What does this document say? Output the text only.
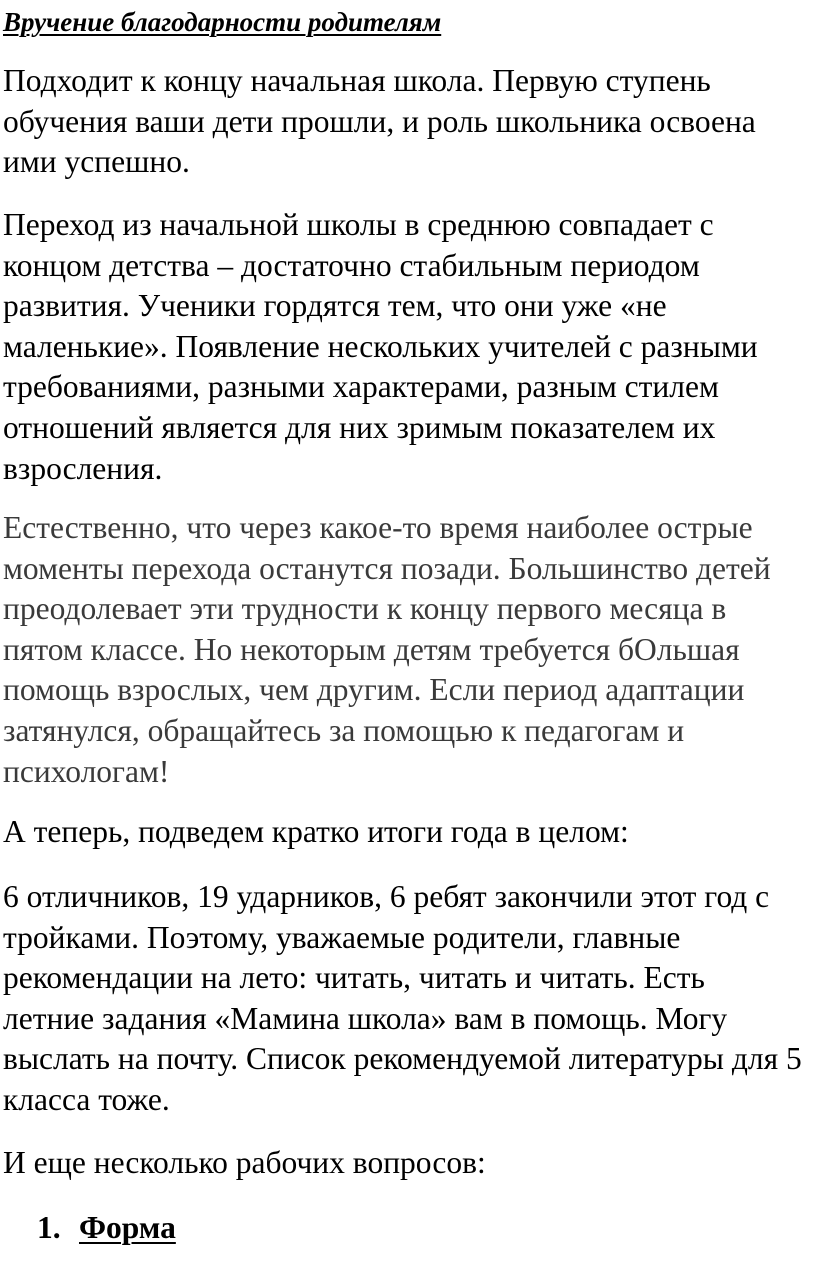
Вручение благодарности родителям

Подходит к концу начальная школа. Первую ступень обучения ваши дети прошли, и роль школьника освоена ими успешно.

Переход из начальной школы в среднюю совпадает с концом детства – достаточно стабильным периодом развития. Ученики гордятся тем, что они уже «не маленькие». Появление нескольких учителей с разными требованиями, разными характерами, разным стилем отношений является для них зримым показателем их взросления.

Естественно, что через какое-то время наиболее острые моменты перехода останутся позади. Большинство детей преодолевает эти трудности к концу первого месяца в пятом классе. Но некоторым детям требуется бОльшая помощь взрослых, чем другим. Если период адаптации затянулся, обращайтесь за помощью к педагогам и психологам!

А теперь, подведем кратко итоги года в целом:

6 отличников, 19 ударников, 6 ребят закончили этот год с тройками. Поэтому, уважаемые родители, главные рекомендации на лето: читать, читать и читать. Есть летние задания «Мамина школа» вам в помощь. Могу выслать на почту. Список рекомендуемой литературы для 5 класса тоже.

И еще несколько рабочих вопросов:

1. Форма
